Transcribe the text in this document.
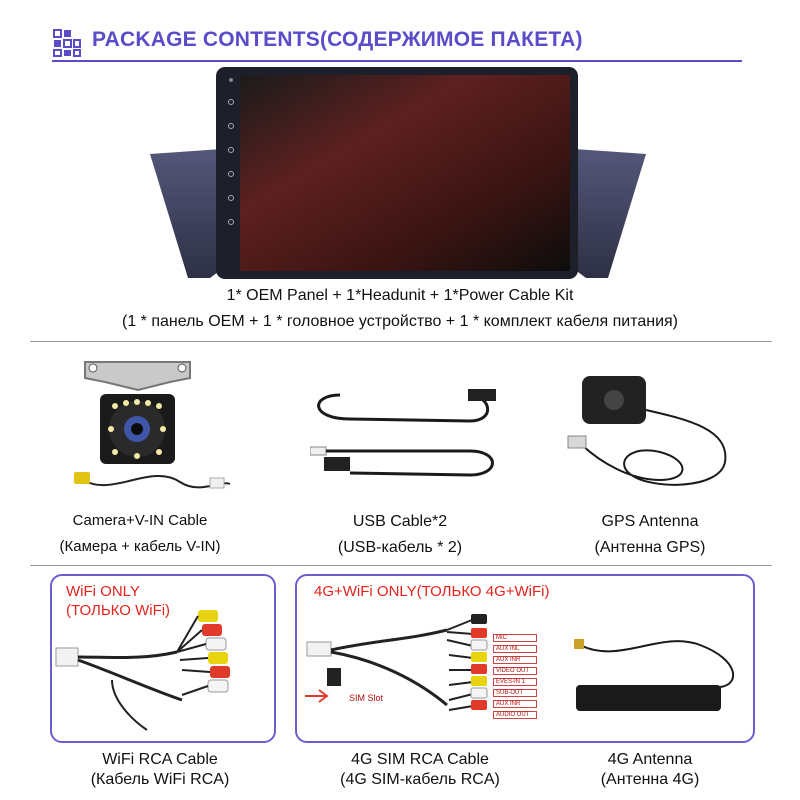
PACKAGE CONTENTS(СОДЕРЖИМОЕ ПАКЕТА)
1* OEM Panel + 1*Headunit + 1*Power Cable Kit
(1 * панель OEM + 1 * головное устройство + 1 * комплект кабеля питания)
Camera+V-IN Cable
(Камера + кабель V-IN)
USB Cable*2
(USB-кабель * 2)
GPS Antenna
(Антенна GPS)
WiFi ONLY
(ТОЛЬКО WiFi)
WiFi RCA Cable
(Кабель WiFi RCA)
4G+WiFi ONLY(ТОЛЬКО 4G+WiFi)
SIM Slot
MIC
AUX INL
AUX INR
VIDEO OUT
EVES-IN 1
SUB-OUT
AUX INR
AUDIO OUT
4G SIM RCA Cable
(4G SIM-кабель RCA)
4G Antenna
(Антенна 4G)
